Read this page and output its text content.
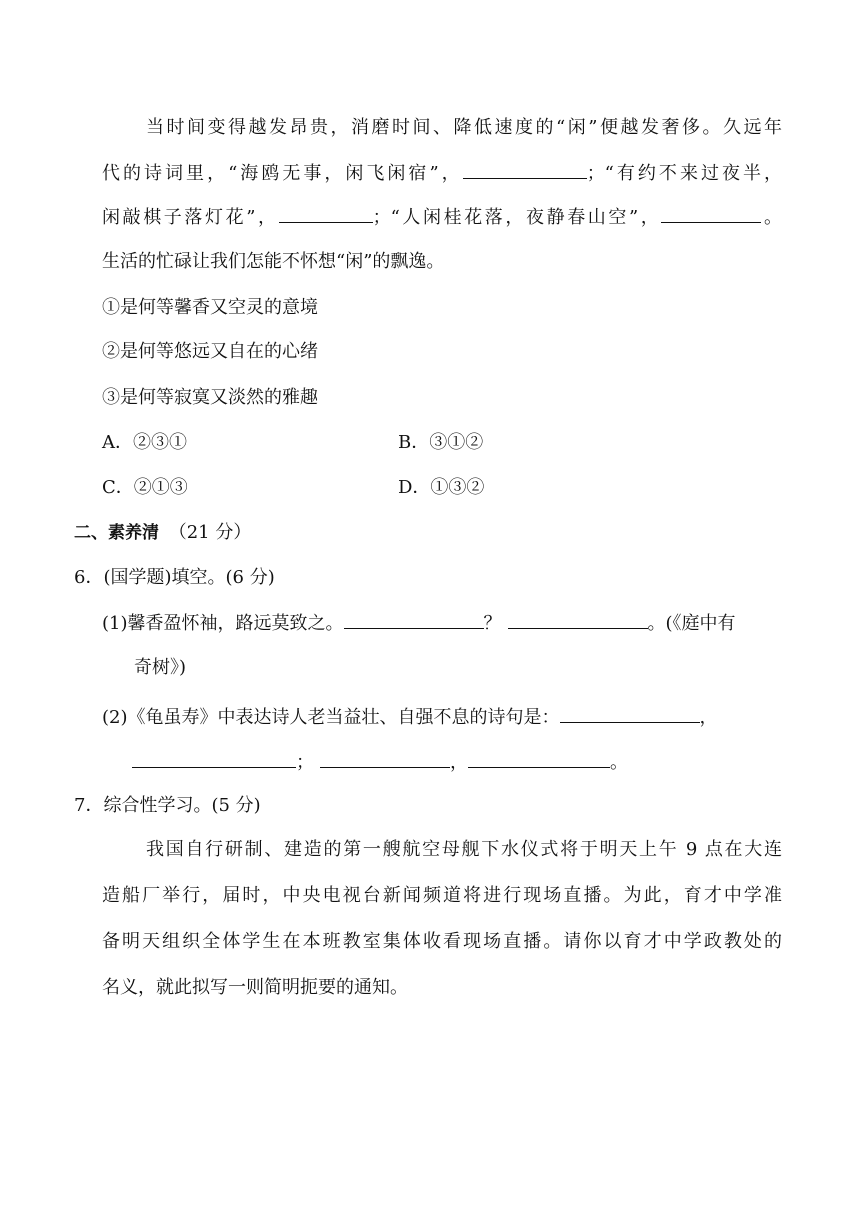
当时间变得越发昂贵，消磨时间、降低速度的“闲”便越发奢侈。久远年
代的诗词里，“海鸥无事，闲飞闲宿”，	；“有约不来过夜半，
闲敲棋子落灯花”，	；“人闲桂花落，夜静春山空”，	。
生活的忙碌让我们怎能不怀想“闲”的飘逸。
①是何等馨香又空灵的意境
②是何等悠远又自在的心绪
③是何等寂寞又淡然的雅趣
A．②③①	B．③①②
C．②①③	D．①③②
二、素养清 （21 分）
6．(国学题)填空。(6 分)
(1)馨香盈怀袖，路远莫致之。	？	。(《庭中有
奇树》)
(2)《龟虽寿》中表达诗人老当益壮、自强不息的诗句是：	，
；	，	。
7．综合性学习。(5 分)
我国自行研制、建造的第一艘航空母舰下水仪式将于明天上午 9 点在大连
造船厂举行，届时，中央电视台新闻频道将进行现场直播。为此，育才中学准
备明天组织全体学生在本班教室集体收看现场直播。请你以育才中学政教处的
名义，就此拟写一则简明扼要的通知。
